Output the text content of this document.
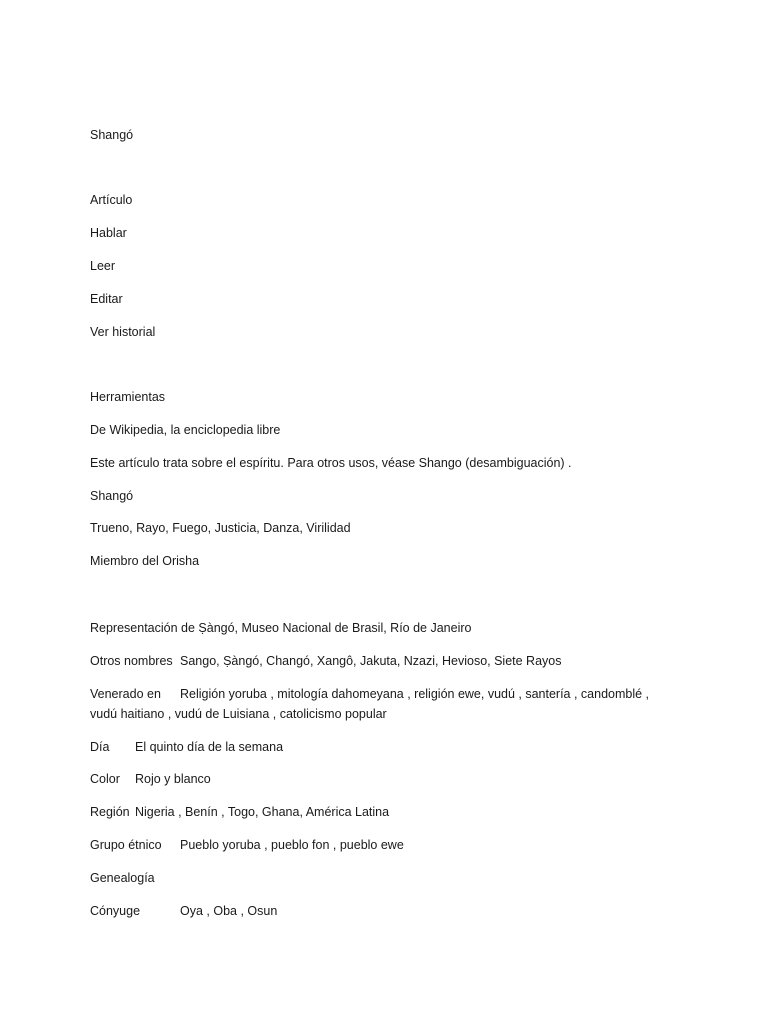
Shangó
Artículo
Hablar
Leer
Editar
Ver historial
Herramientas
De Wikipedia, la enciclopedia libre
Este artículo trata sobre el espíritu. Para otros usos, véase Shango (desambiguación) .
Shangó
Trueno, Rayo, Fuego, Justicia, Danza, Virilidad
Miembro del Orisha
Representación de Ṣàngó, Museo Nacional de Brasil, Río de Janeiro
Otros nombres Sango, Ṣàngó, Changó, Xangô, Jakuta, Nzazi, Hevioso, Siete Rayos
Venerado en Religión yoruba , mitología dahomeyana , religión ewe, vudú , santería , candomblé ,
vudú haitiano , vudú de Luisiana , catolicismo popular
Día El quinto día de la semana
Color Rojo y blanco
Región Nigeria , Benín , Togo, Ghana, América Latina
Grupo étnico Pueblo yoruba , pueblo fon , pueblo ewe
Genealogía
Cónyuge	Oya , Oba , Osun
